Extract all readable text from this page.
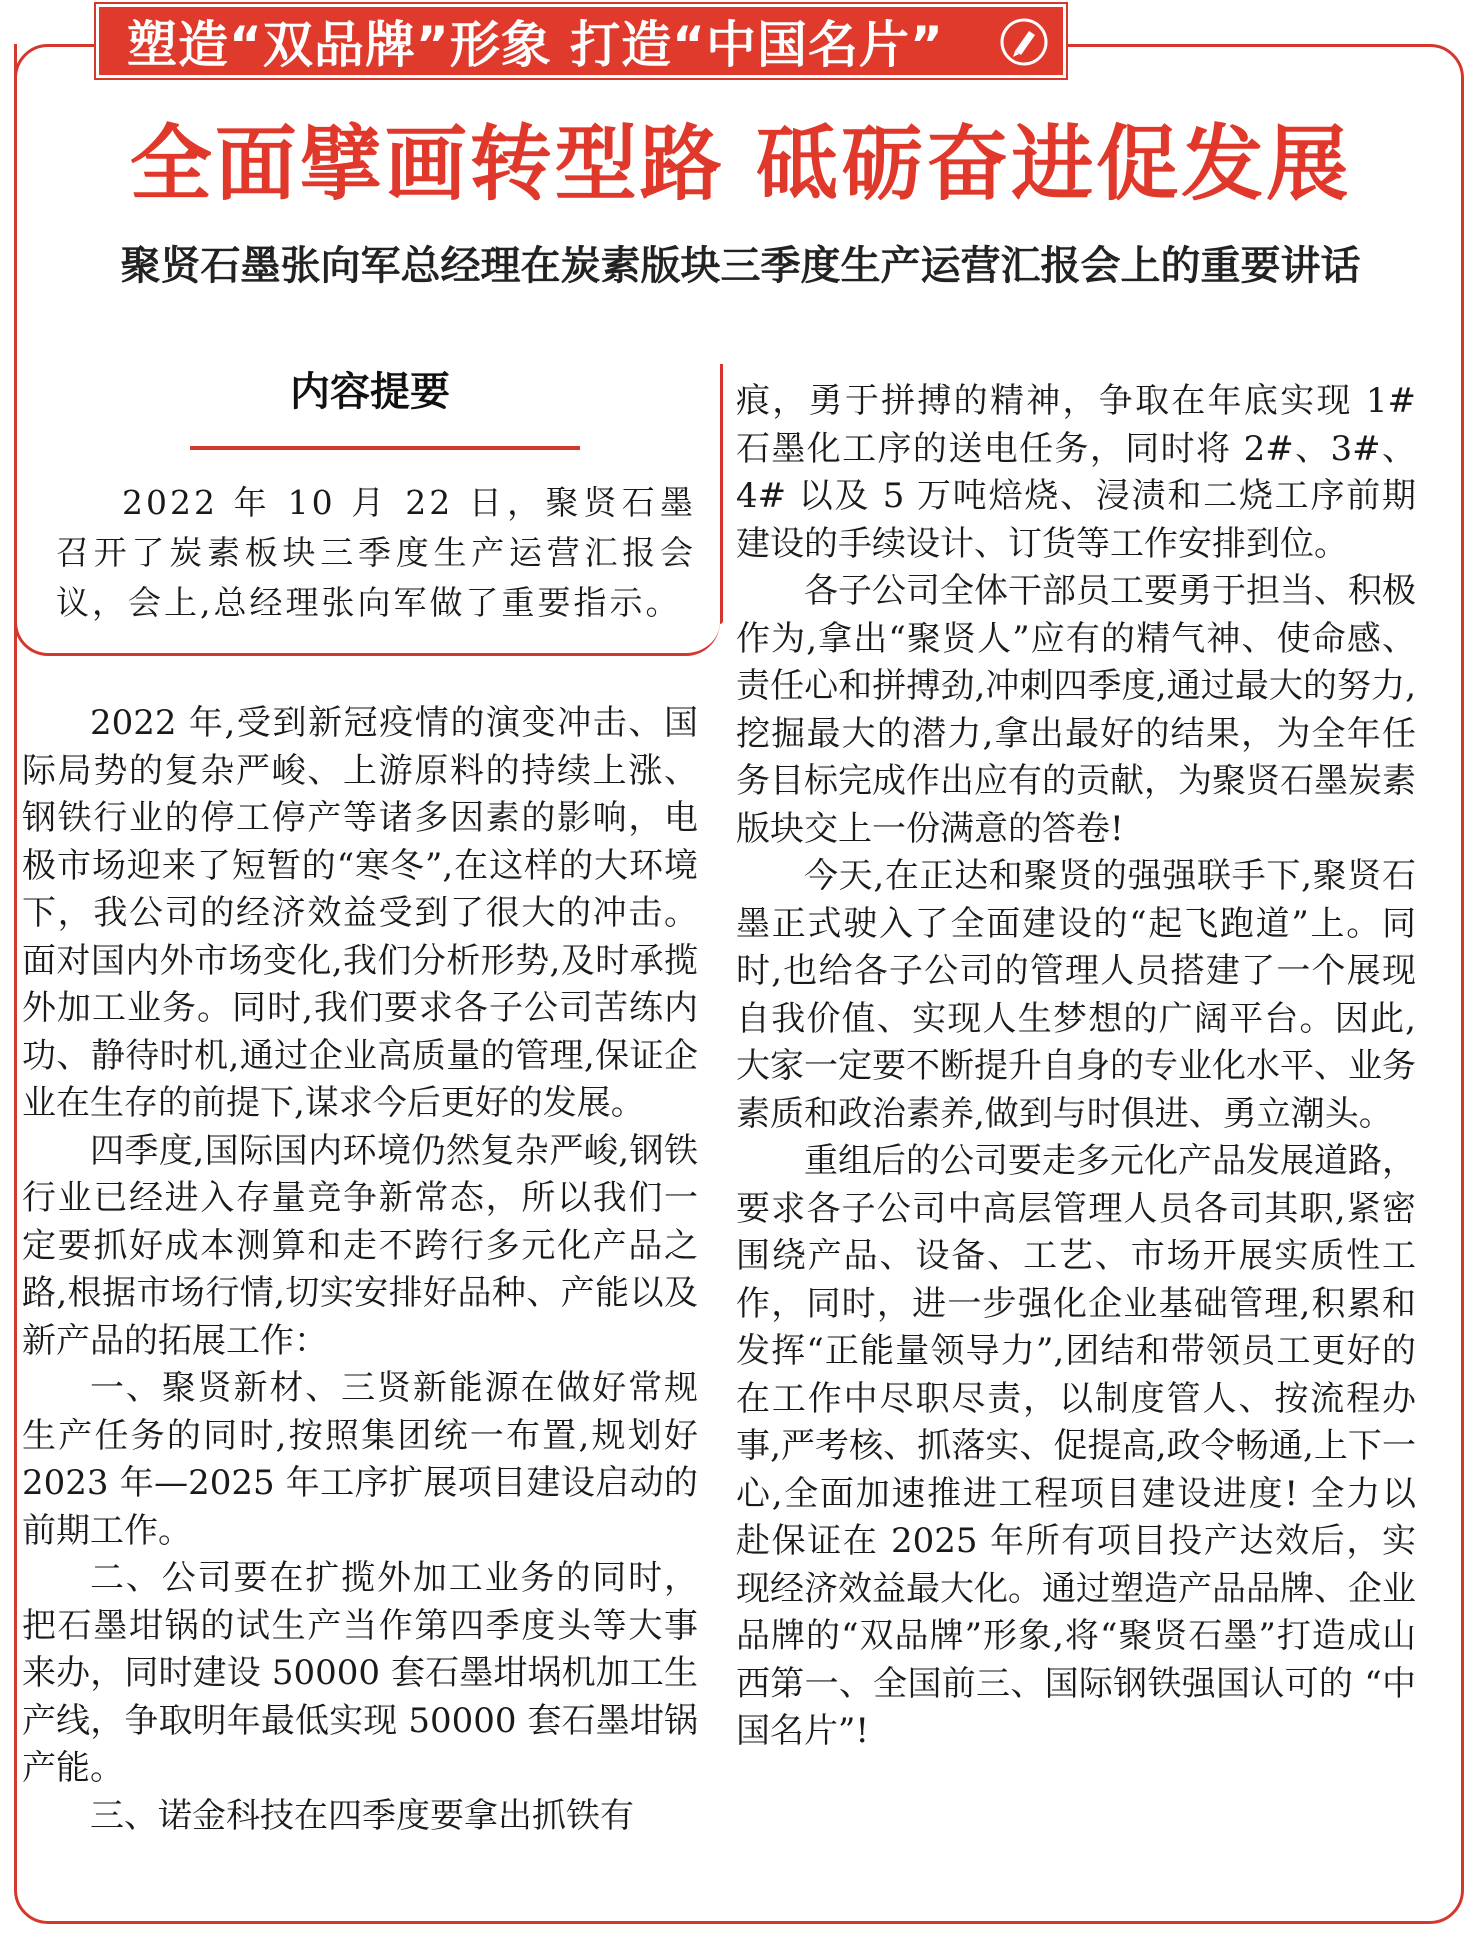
塑造“双品牌”形象 打造“中国名片”
全面擘画转型路 砥砺奋进促发展
聚贤石墨张向军总经理在炭素版块三季度生产运营汇报会上的重要讲话
内容提要

2022 年 10 月 22 日，聚贤石墨召开了炭素板块三季度生产运营汇报会议，会上,总经理张向军做了重要指示。

2022 年,受到新冠疫情的演变冲击、国际局势的复杂严峻、上游原料的持续上涨、钢铁行业的停工停产等诸多因素的影响，电极市场迎来了短暂的“寒冬”,在这样的大环境下，我公司的经济效益受到了很大的冲击。面对国内外市场变化,我们分析形势,及时承揽外加工业务。同时,我们要求各子公司苦练内功、静待时机,通过企业高质量的管理,保证企业在生存的前提下,谋求今后更好的发展。

四季度,国际国内环境仍然复杂严峻,钢铁行业已经进入存量竞争新常态，所以我们一定要抓好成本测算和走不跨行多元化产品之路,根据市场行情,切实安排好品种、产能以及新产品的拓展工作：

一、聚贤新材、三贤新能源在做好常规生产任务的同时,按照集团统一布置,规划好 2023 年—2025 年工序扩展项目建设启动的前期工作。

二、公司要在扩揽外加工业务的同时，把石墨坩锅的试生产当作第四季度头等大事来办，同时建设 50000 套石墨坩埚机加工生产线，争取明年最低实现 50000 套石墨坩锅产能。

三、诺金科技在四季度要拿出抓铁有

痕，勇于拼搏的精神，争取在年底实现 1# 石墨化工序的送电任务，同时将 2#、3#、4# 以及 5 万吨焙烧、浸渍和二烧工序前期建设的手续设计、订货等工作安排到位。

各子公司全体干部员工要勇于担当、积极作为,拿出“聚贤人”应有的精气神、使命感、责任心和拼搏劲,冲刺四季度,通过最大的努力,挖掘最大的潜力,拿出最好的结果，为全年任务目标完成作出应有的贡献，为聚贤石墨炭素版块交上一份满意的答卷!

今天,在正达和聚贤的强强联手下,聚贤石墨正式驶入了全面建设的“起飞跑道”上。同时,也给各子公司的管理人员搭建了一个展现自我价值、实现人生梦想的广阔平台。因此,大家一定要不断提升自身的专业化水平、业务素质和政治素养,做到与时俱进、勇立潮头。

重组后的公司要走多元化产品发展道路，要求各子公司中高层管理人员各司其职,紧密围绕产品、设备、工艺、市场开展实质性工作，同时，进一步强化企业基础管理,积累和发挥“正能量领导力”,团结和带领员工更好的在工作中尽职尽责，以制度管人、按流程办事,严考核、抓落实、促提高,政令畅通,上下一心,全面加速推进工程项目建设进度! 全力以赴保证在 2025 年所有项目投产达效后，实现经济效益最大化。通过塑造产品品牌、企业品牌的“双品牌”形象,将“聚贤石墨”打造成山西第一、全国前三、国际钢铁强国认可的 “中国名片”!
